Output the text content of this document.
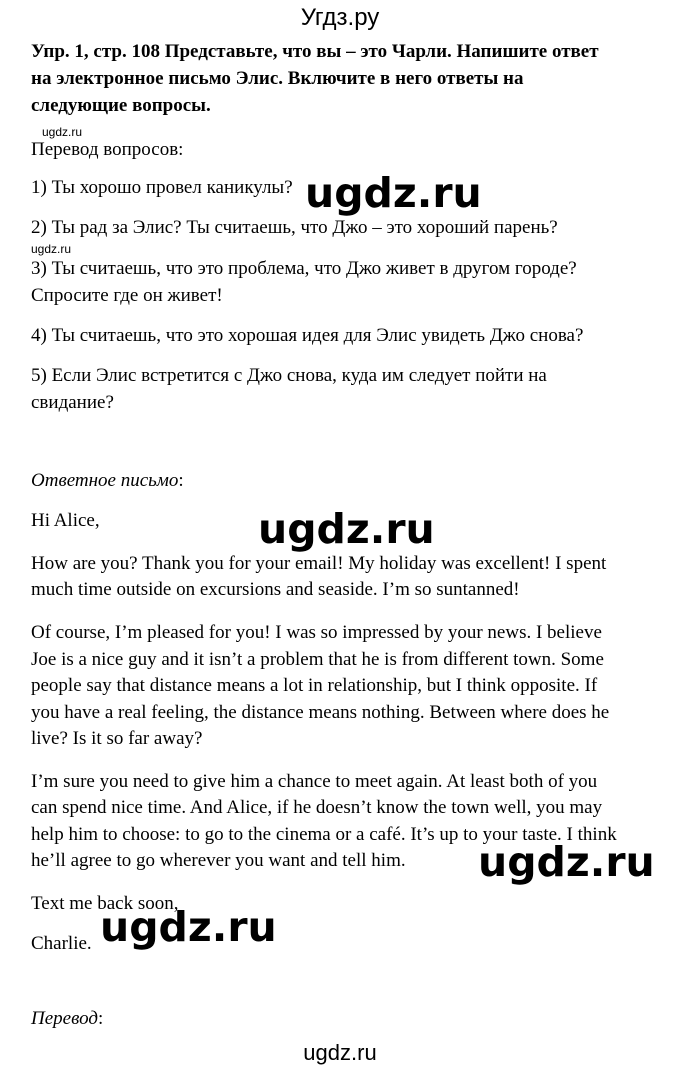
Угдз.ру
Упр. 1, стр. 108 Представьте, что вы – это Чарли. Напишите ответ
на электронное письмо Элис. Включите в него ответы на
следующие вопросы.
ugdz.ru
Перевод вопросов:
1) Ты хорошо провел каникулы?
2) Ты рад за Элис? Ты считаешь, что Джо – это хороший парень?
ugdz.ru
3) Ты считаешь, что это проблема, что Джо живет в другом городе?
Спросите где он живет!
4) Ты считаешь, что это хорошая идея для Элис увидеть Джо снова?
5) Если Элис встретится с Джо снова, куда им следует пойти на
свидание?
ugdz.ru
Ответное письмо:
Hi Alice,	ugdz.ru
How are you? Thank you for your email! My holiday was excellent! I spent
much time outside on excursions and seaside. I’m so suntanned!
Of course, I’m pleased for you! I was so impressed by your news. I believe
Joe is a nice guy and it isn’t a problem that he is from different town. Some
people say that distance means a lot in relationship, but I think opposite. If
you have a real feeling, the distance means nothing. Between where does he
live? Is it so far away?
I’m sure you need to give him a chance to meet again. At least both of you
can spend nice time. And Alice, if he doesn’t know the town well, you may
help him to choose: to go to the cinema or a café. It’s up to your taste. I think
he’ll agree to go wherever you want and tell him. ugdz.ru
Text me back soon,
Charlie. ugdz.ru
Перевод:
ugdz.ru
